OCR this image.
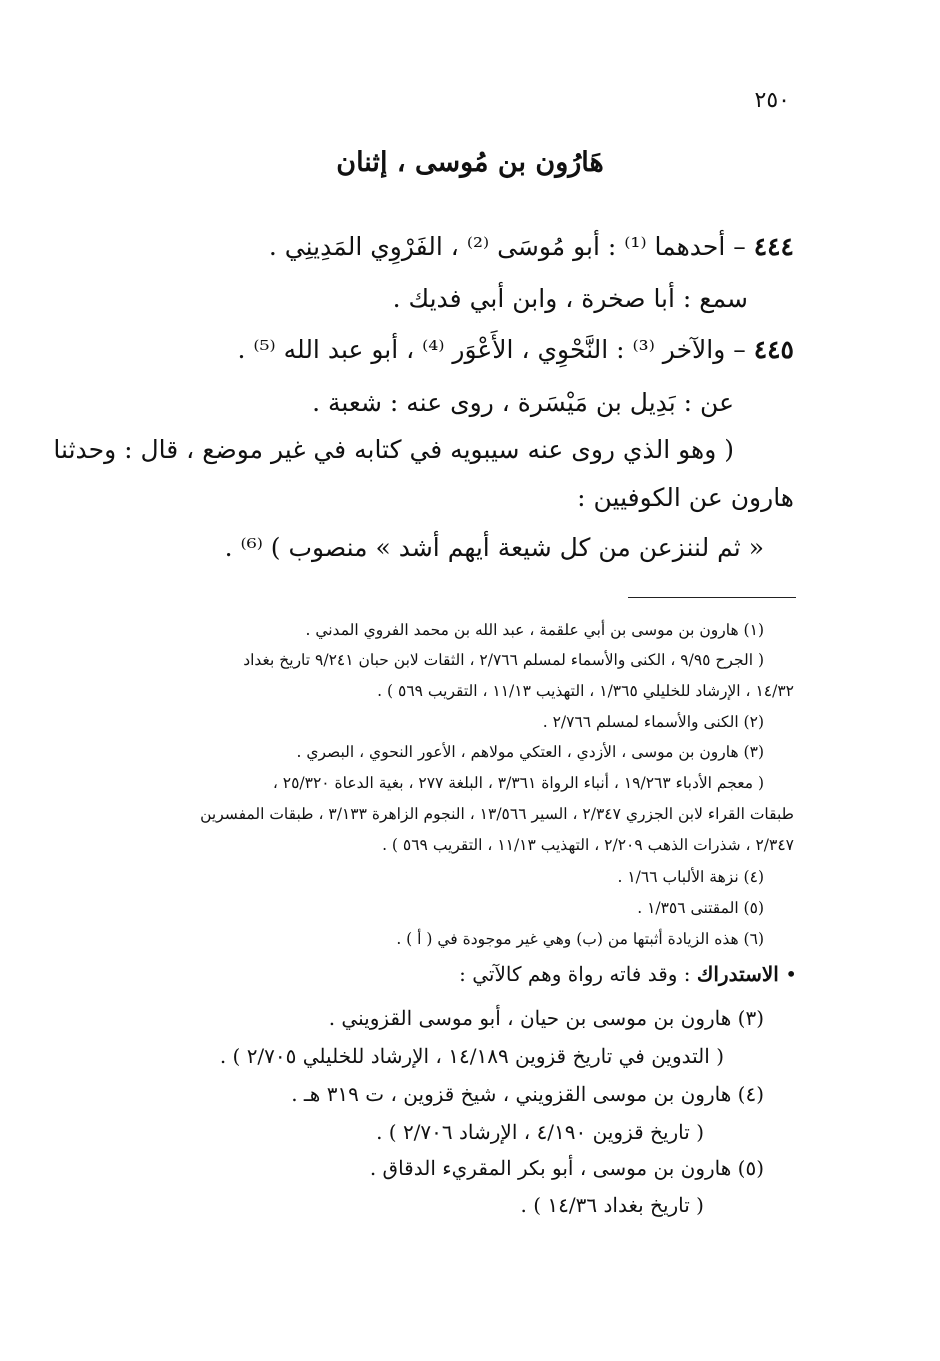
٢٥٠
هَارُون بن مُوسى ، إثنان
٤٤٤ – أحدهما ⁽¹⁾ : أبو مُوسَى ⁽²⁾ ، الفَرْوِي المَدِينِي .
سمع : أبا صخرة ، وابن أبي فديك .
٤٤٥ – والآخر ⁽³⁾ : النَّحْوِي ، الأَعْوَر ⁽⁴⁾ ، أبو عبد الله ⁽⁵⁾ .
عن : بَدِيل بن مَيْسَرة ، روى عنه : شعبة .
( وهو الذي روى عنه سيبويه في كتابه في غير موضع ، قال : وحدثنا
هارون عن الكوفيين :
« ثم لننزعن من كل شيعة أيهم أشد » منصوب ) ⁽⁶⁾ .
(١) هارون بن موسى بن أبي علقمة ، عبد الله بن محمد الفروي المدني .
( الجرح ٩/٩٥ ، الكنى والأسماء لمسلم ٢/٧٦٦ ، الثقات لابن حبان ٩/٢٤١ تاريخ بغداد
١٤/٣٢ ، الإرشاد للخليلي ١/٣٦٥ ، التهذيب ١١/١٣ ، التقريب ٥٦٩ ) .
(٢) الكنى والأسماء لمسلم ٢/٧٦٦ .
(٣) هارون بن موسى ، الأزدي ، العتكي مولاهم ، الأعور النحوي ، البصري .
( معجم الأدباء ١٩/٢٦٣ ، أنباء الرواة ٣/٣٦١ ، البلغة ٢٧٧ ، بغية الدعاة ٢٥/٣٢٠ ،
طبقات القراء لابن الجزري ٢/٣٤٧ ، السير ١٣/٥٦٦ ، النجوم الزاهرة ٣/١٣٣ ، طبقات المفسرين
٢/٣٤٧ ، شذرات الذهب ٢/٢٠٩ ، التهذيب ١١/١٣ ، التقريب ٥٦٩ ) .
(٤) نزهة الألباب ١/٦٦ .
(٥) المقتنى ١/٣٥٦ .
(٦) هذه الزيادة أثبتها من (ب) وهي غير موجودة في ( أ ) .
• الاستدراك : وقد فاته رواة وهم كالآتي :
(٣) هارون بن موسى بن حيان ، أبو موسى القزويني .
( التدوين في تاريخ قزوين ١٤/١٨٩ ، الإرشاد للخليلي ٢/٧٠٥ ) .
(٤) هارون بن موسى القزويني ، شيخ قزوين ، ت ٣١٩ هـ .
( تاريخ قزوين ٤/١٩٠ ، الإرشاد ٢/٧٠٦ ) .
(٥) هارون بن موسى ، أبو بكر المقريء الدقاق .
( تاريخ بغداد ١٤/٣٦ ) .
